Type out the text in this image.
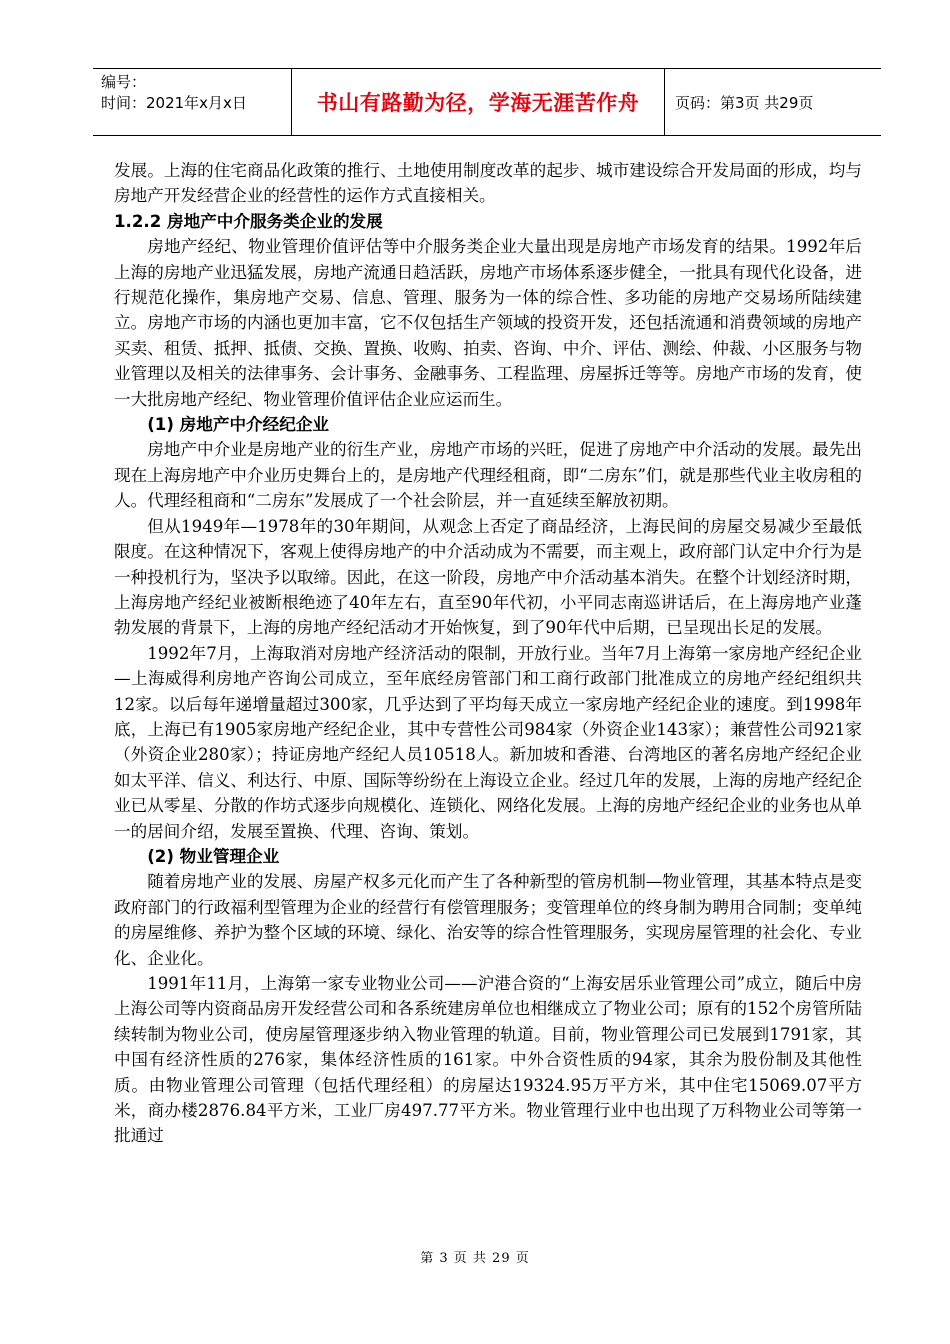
编号：
时间：2021年x月x日	书山有路勤为径，学海无涯苦作舟	页码：第3页 共29页

发展。上海的住宅商品化政策的推行、土地使用制度改革的起步、城市建设综合开发局面的形成，均与房地产开发经营企业的经营性的运作方式直接相关。

1.2.2 房地产中介服务类企业的发展

房地产经纪、物业管理价值评估等中介服务类企业大量出现是房地产市场发育的结果。1992年后上海的房地产业迅猛发展，房地产流通日趋活跃，房地产市场体系逐步健全，一批具有现代化设备，进行规范化操作，集房地产交易、信息、管理、服务为一体的综合性、多功能的房地产交易场所陆续建立。房地产市场的内涵也更加丰富，它不仅包括生产领域的投资开发，还包括流通和消费领域的房地产买卖、租赁、抵押、抵债、交换、置换、收购、拍卖、咨询、中介、评估、测绘、仲裁、小区服务与物业管理以及相关的法律事务、会计事务、金融事务、工程监理、房屋拆迁等等。房地产市场的发育，使一大批房地产经纪、物业管理价值评估企业应运而生。

(1) 房地产中介经纪企业

房地产中介业是房地产业的衍生产业，房地产市场的兴旺，促进了房地产中介活动的发展。最先出现在上海房地产中介业历史舞台上的，是房地产代理经租商，即“二房东”们，就是那些代业主收房租的人。代理经租商和“二房东”发展成了一个社会阶层，并一直延续至解放初期。

但从1949年—1978年的30年期间，从观念上否定了商品经济，上海民间的房屋交易减少至最低限度。在这种情况下，客观上使得房地产的中介活动成为不需要，而主观上，政府部门认定中介行为是一种投机行为，坚决予以取缔。因此，在这一阶段，房地产中介活动基本消失。在整个计划经济时期，上海房地产经纪业被断根绝迹了40年左右，直至90年代初，小平同志南巡讲话后，在上海房地产业蓬勃发展的背景下，上海的房地产经纪活动才开始恢复，到了90年代中后期，已呈现出长足的发展。

1992年7月，上海取消对房地产经济活动的限制，开放行业。当年7月上海第一家房地产经纪企业—上海威得利房地产咨询公司成立，至年底经房管部门和工商行政部门批准成立的房地产经纪组织共12家。以后每年递增量超过300家，几乎达到了平均每天成立一家房地产经纪企业的速度。到1998年底，上海已有1905家房地产经纪企业，其中专营性公司984家（外资企业143家）；兼营性公司921家（外资企业280家）；持证房地产经纪人员10518人。新加坡和香港、台湾地区的著名房地产经纪企业如太平洋、信义、利达行、中原、国际等纷纷在上海设立企业。经过几年的发展，上海的房地产经纪企业已从零星、分散的作坊式逐步向规模化、连锁化、网络化发展。上海的房地产经纪企业的业务也从单一的居间介绍，发展至置换、代理、咨询、策划。

(2) 物业管理企业

随着房地产业的发展、房屋产权多元化而产生了各种新型的管房机制—物业管理，其基本特点是变政府部门的行政福利型管理为企业的经营行有偿管理服务；变管理单位的终身制为聘用合同制；变单纯的房屋维修、养护为整个区域的环境、绿化、治安等的综合性管理服务，实现房屋管理的社会化、专业化、企业化。

1991年11月，上海第一家专业物业公司——沪港合资的“上海安居乐业管理公司”成立，随后中房上海公司等内资商品房开发经营公司和各系统建房单位也相继成立了物业公司；原有的152个房管所陆续转制为物业公司，使房屋管理逐步纳入物业管理的轨道。目前，物业管理公司已发展到1791家，其中国有经济性质的276家，集体经济性质的161家。中外合资性质的94家，其余为股份制及其他性质。由物业管理公司管理（包括代理经租）的房屋达19324.95万平方米，其中住宅15069.07平方米，商办楼2876.84平方米，工业厂房497.77平方米。物业管理行业中也出现了万科物业公司等第一批通过

第 3 页 共 29 页
